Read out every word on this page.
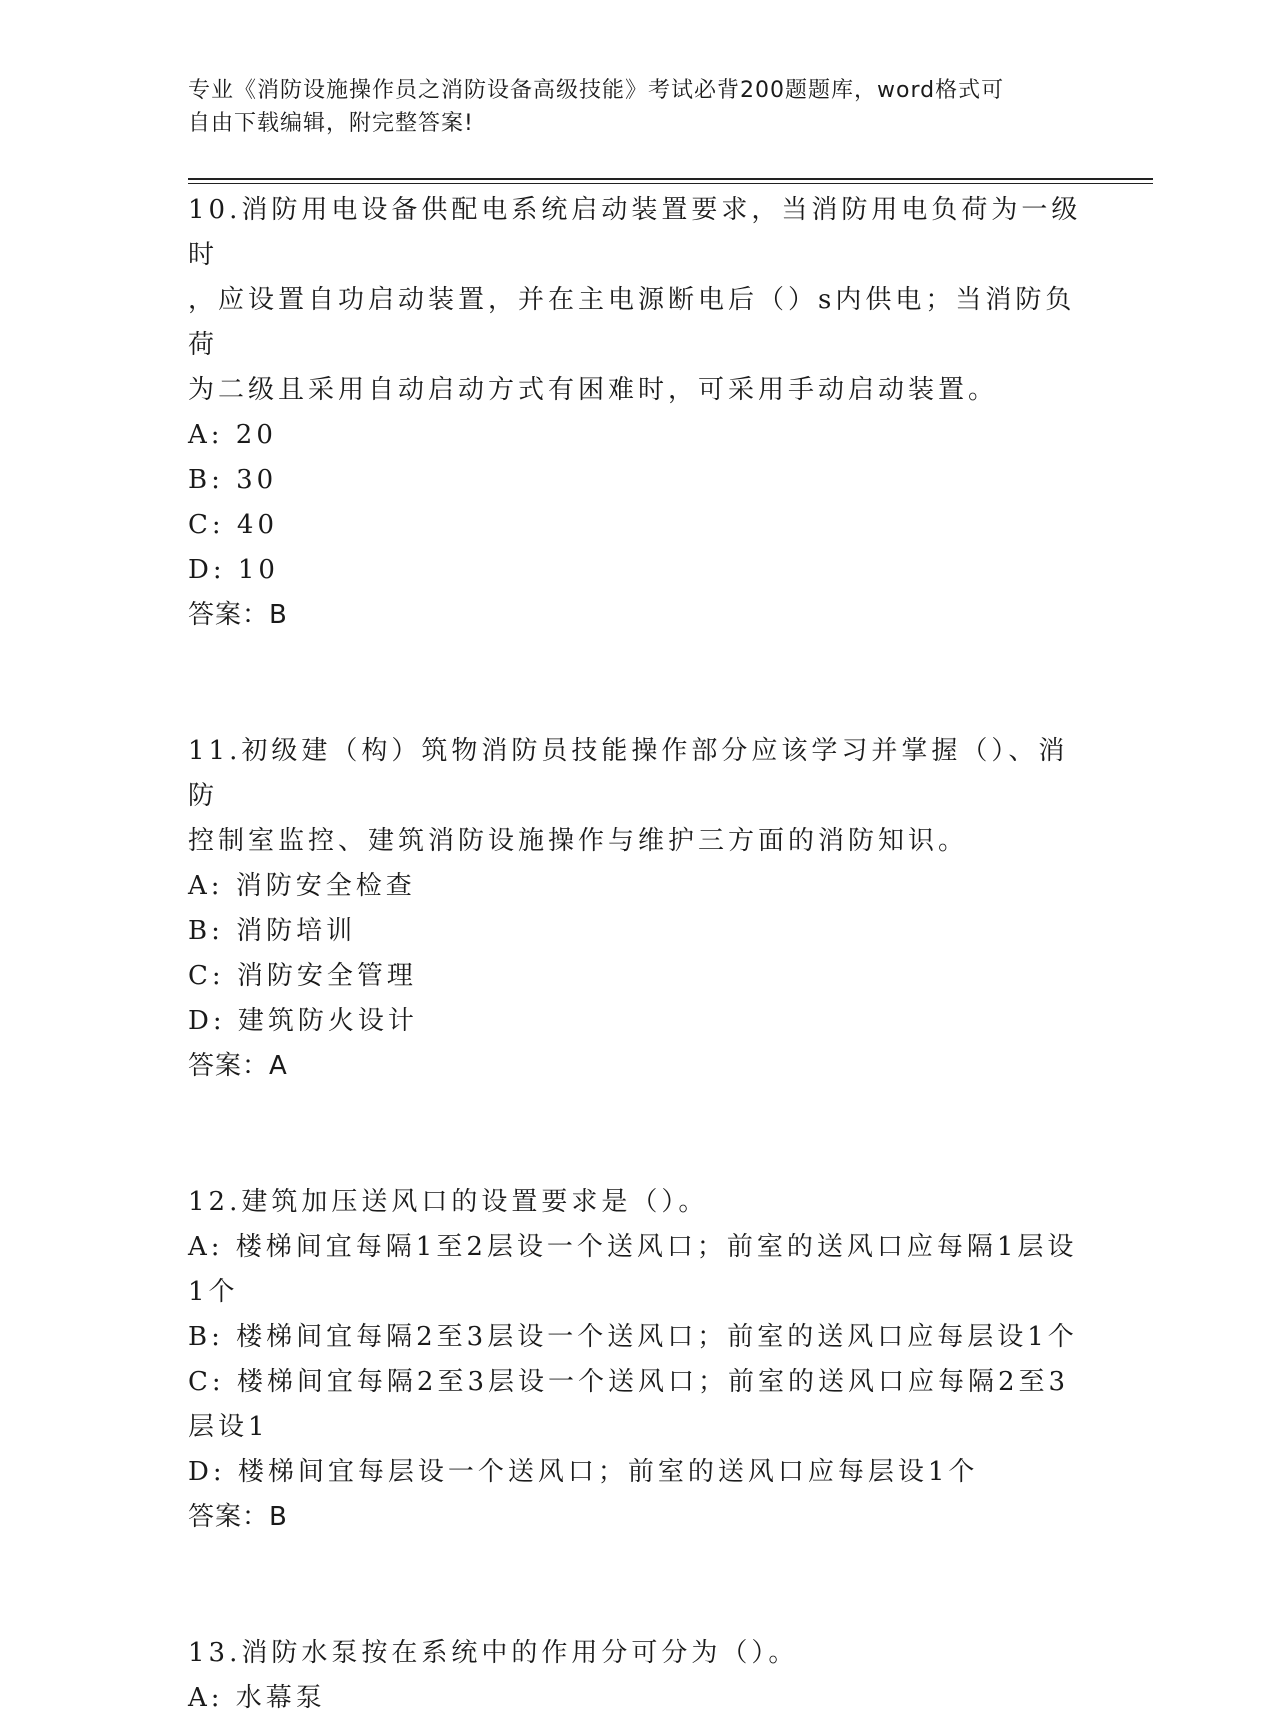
专业《消防设施操作员之消防设备高级技能》考试必背200题题库，word格式可
自由下载编辑，附完整答案!
10.消防用电设备供配电系统启动装置要求，当消防用电负荷为一级时
，应设置自功启动装置，并在主电源断电后（）s内供电；当消防负荷
为二级且采用自动启动方式有困难时，可采用手动启动装置。
A: 20
B: 30
C: 40
D: 10
答案：B
11.初级建（构）筑物消防员技能操作部分应该学习并掌握（）、消防
控制室监控、建筑消防设施操作与维护三方面的消防知识。
A: 消防安全检查
B: 消防培训
C: 消防安全管理
D: 建筑防火设计
答案：A
12.建筑加压送风口的设置要求是（）。
A: 楼梯间宜每隔1至2层设一个送风口；前室的送风口应每隔1层设
1个
B: 楼梯间宜每隔2至3层设一个送风口；前室的送风口应每层设1个
C: 楼梯间宜每隔2至3层设一个送风口；前室的送风口应每隔2至3
层设1
D: 楼梯间宜每层设一个送风口；前室的送风口应每层设1个
答案：B
13.消防水泵按在系统中的作用分可分为（）。
A: 水幕泵
